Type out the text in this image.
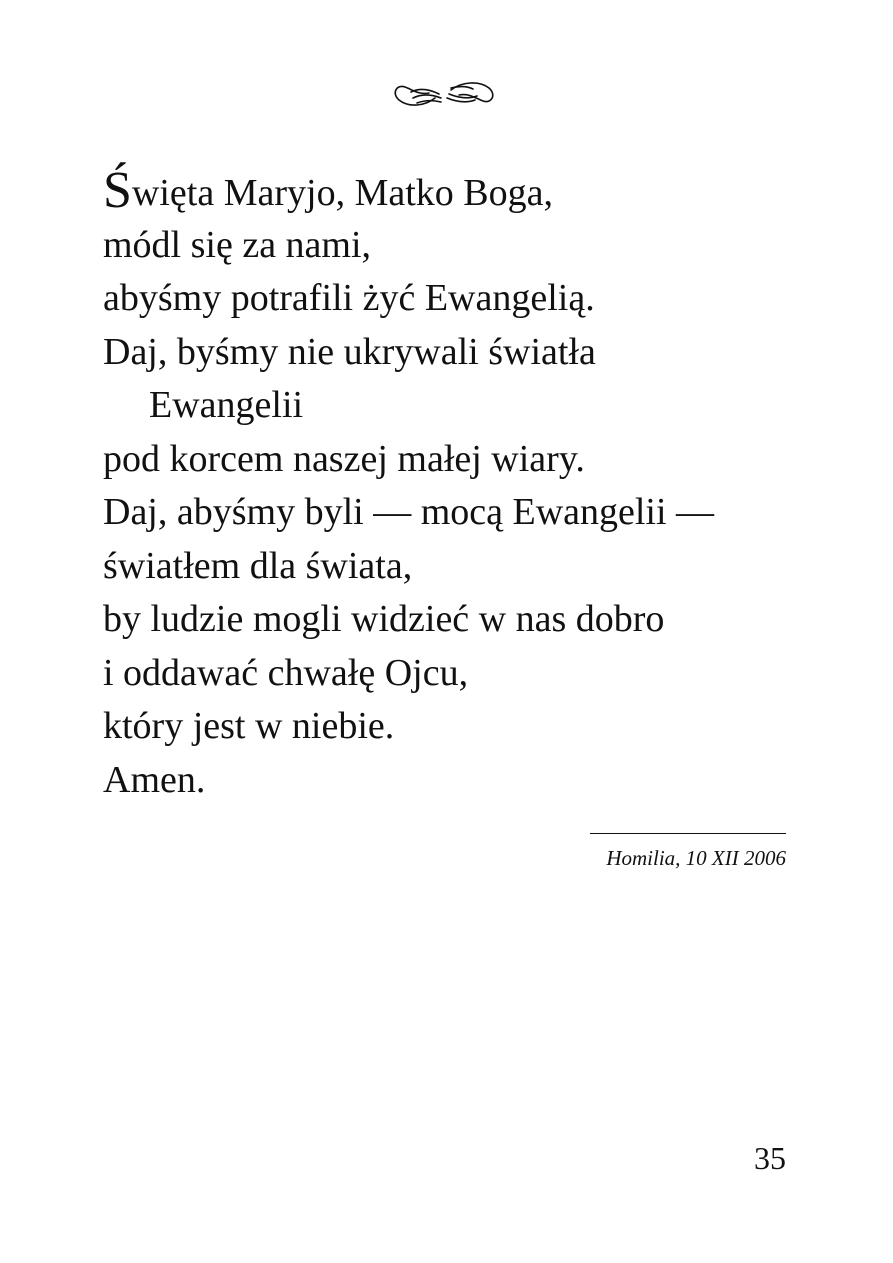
Święta Maryjo, Matko Boga,
módl się za nami,
abyśmy potrafili żyć Ewangelią.
Daj, byśmy nie ukrywali światła
Ewangelii
pod korcem naszej małej wiary.
Daj, abyśmy byli — mocą Ewangelii —
światłem dla świata,
by ludzie mogli widzieć w nas dobro
i oddawać chwałę Ojcu,
który jest w niebie.
Amen.
Homilia, 10 XII 2006
35
